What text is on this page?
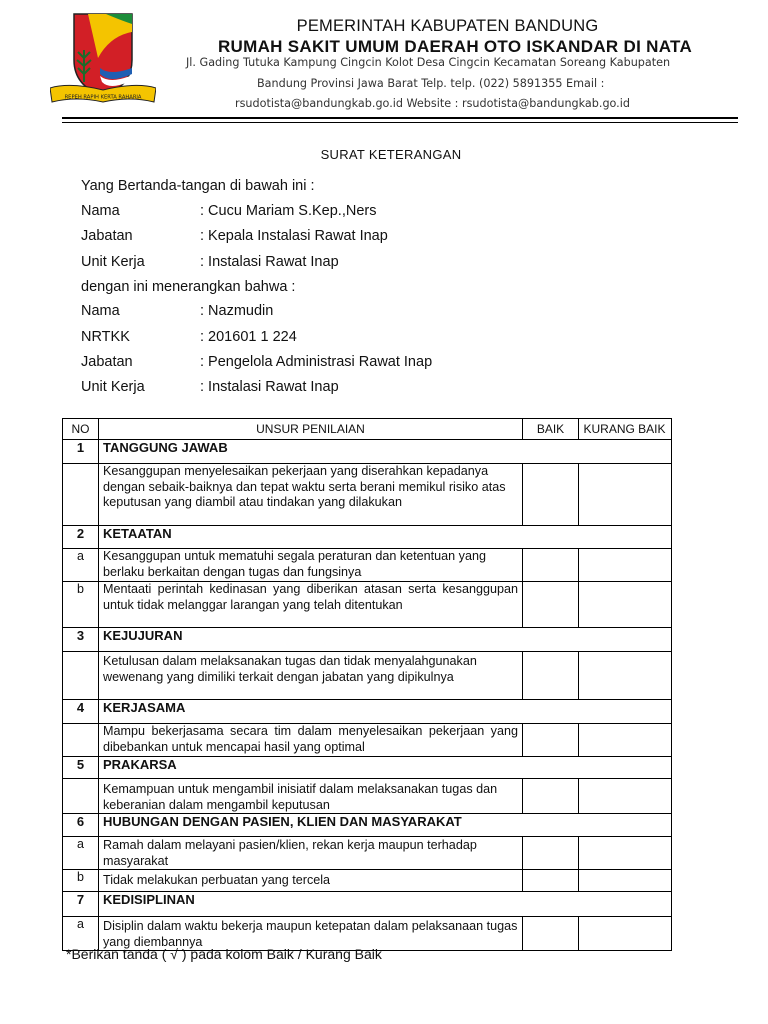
REPEH RAPIH KERTA RAHARJA
PEMERINTAH KABUPATEN BANDUNG
RUMAH SAKIT UMUM DAERAH OTO ISKANDAR DI NATA
Jl. Gading Tutuka Kampung Cingcin Kolot Desa Cingcin Kecamatan Soreang Kabupaten
Bandung Provinsi Jawa Barat Telp. telp. (022) 5891355 Email :
rsudotista@bandungkab.go.id Website : rsudotista@bandungkab.go.id
SURAT KETERANGAN
Yang Bertanda-tangan di bawah ini :
Nama	: Cucu Mariam S.Kep.,Ners
Jabatan	: Kepala Instalasi Rawat Inap
Unit Kerja	: Instalasi Rawat Inap
dengan ini menerangkan bahwa :
Nama	: Nazmudin
NRTKK	: 201601 1 224
Jabatan	: Pengelola Administrasi Rawat Inap
Unit Kerja	: Instalasi Rawat Inap
NO	UNSUR PENILAIAN	BAIK	KURANG BAIK
1	TANGGUNG JAWAB		
	Kesanggupan menyelesaikan pekerjaan yang diserahkan kepadanya dengan sebaik-baiknya dan tepat waktu serta berani memikul risiko atas keputusan yang diambil atau tindakan yang dilakukan		
2	KETAATAN		
a	Kesanggupan untuk mematuhi segala peraturan dan ketentuan yang berlaku berkaitan dengan tugas dan fungsinya		
b	Mentaati perintah kedinasan yang diberikan atasan serta kesanggupan untuk tidak melanggar larangan yang telah ditentukan		
3	KEJUJURAN		
	Ketulusan dalam melaksanakan tugas dan tidak menyalahgunakan wewenang yang dimiliki terkait dengan jabatan yang dipikulnya		
4	KERJASAMA		
	Mampu bekerjasama secara tim dalam menyelesaikan pekerjaan yang dibebankan untuk mencapai hasil yang optimal		
5	PRAKARSA		
	Kemampuan untuk mengambil inisiatif dalam melaksanakan tugas dan keberanian dalam mengambil keputusan		
6	HUBUNGAN DENGAN PASIEN, KLIEN DAN MASYARAKAT		
a	Ramah dalam melayani pasien/klien, rekan kerja maupun terhadap masyarakat		
b	Tidak melakukan perbuatan yang tercela		
7	KEDISIPLINAN		
a	Disiplin dalam waktu bekerja maupun ketepatan dalam pelaksanaan tugas yang diembannya		
*Berikan tanda ( √ ) pada kolom Baik / Kurang Baik
